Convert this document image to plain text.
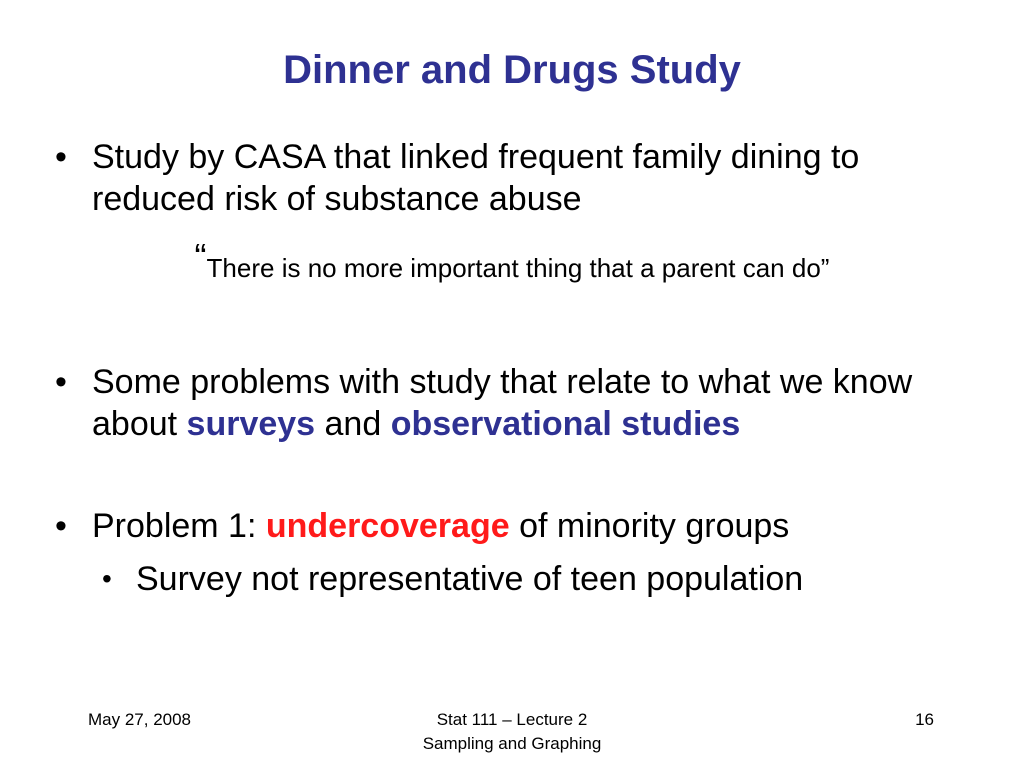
Dinner and Drugs Study
• Study by CASA that linked frequent family dining to reduced risk of substance abuse
“There is no more important thing that a parent can do”
• Some problems with study that relate to what we know about surveys and observational studies
• Problem 1: undercoverage of minority groups
• Survey not representative of teen population
May 27, 2008	Stat 111 – Lecture 2
Sampling and Graphing
16
